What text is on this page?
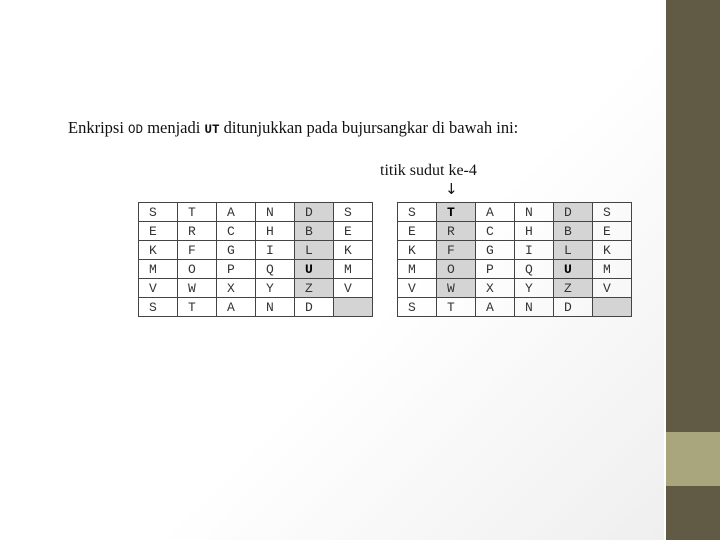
Enkripsi OD menjadi UT ditunjukkan pada bujursangkar di bawah ini:
titik sudut ke-4
↓
S	T	A	N	D	S
E	R	C	H	B	E
K	F	G	I	L	K
M	O	P	Q	U	M
V	W	X	Y	Z	V
S	T	A	N	D	
S	T	A	N	D	S
E	R	C	H	B	E
K	F	G	I	L	K
M	O	P	Q	U	M
V	W	X	Y	Z	V
S	T	A	N	D	
